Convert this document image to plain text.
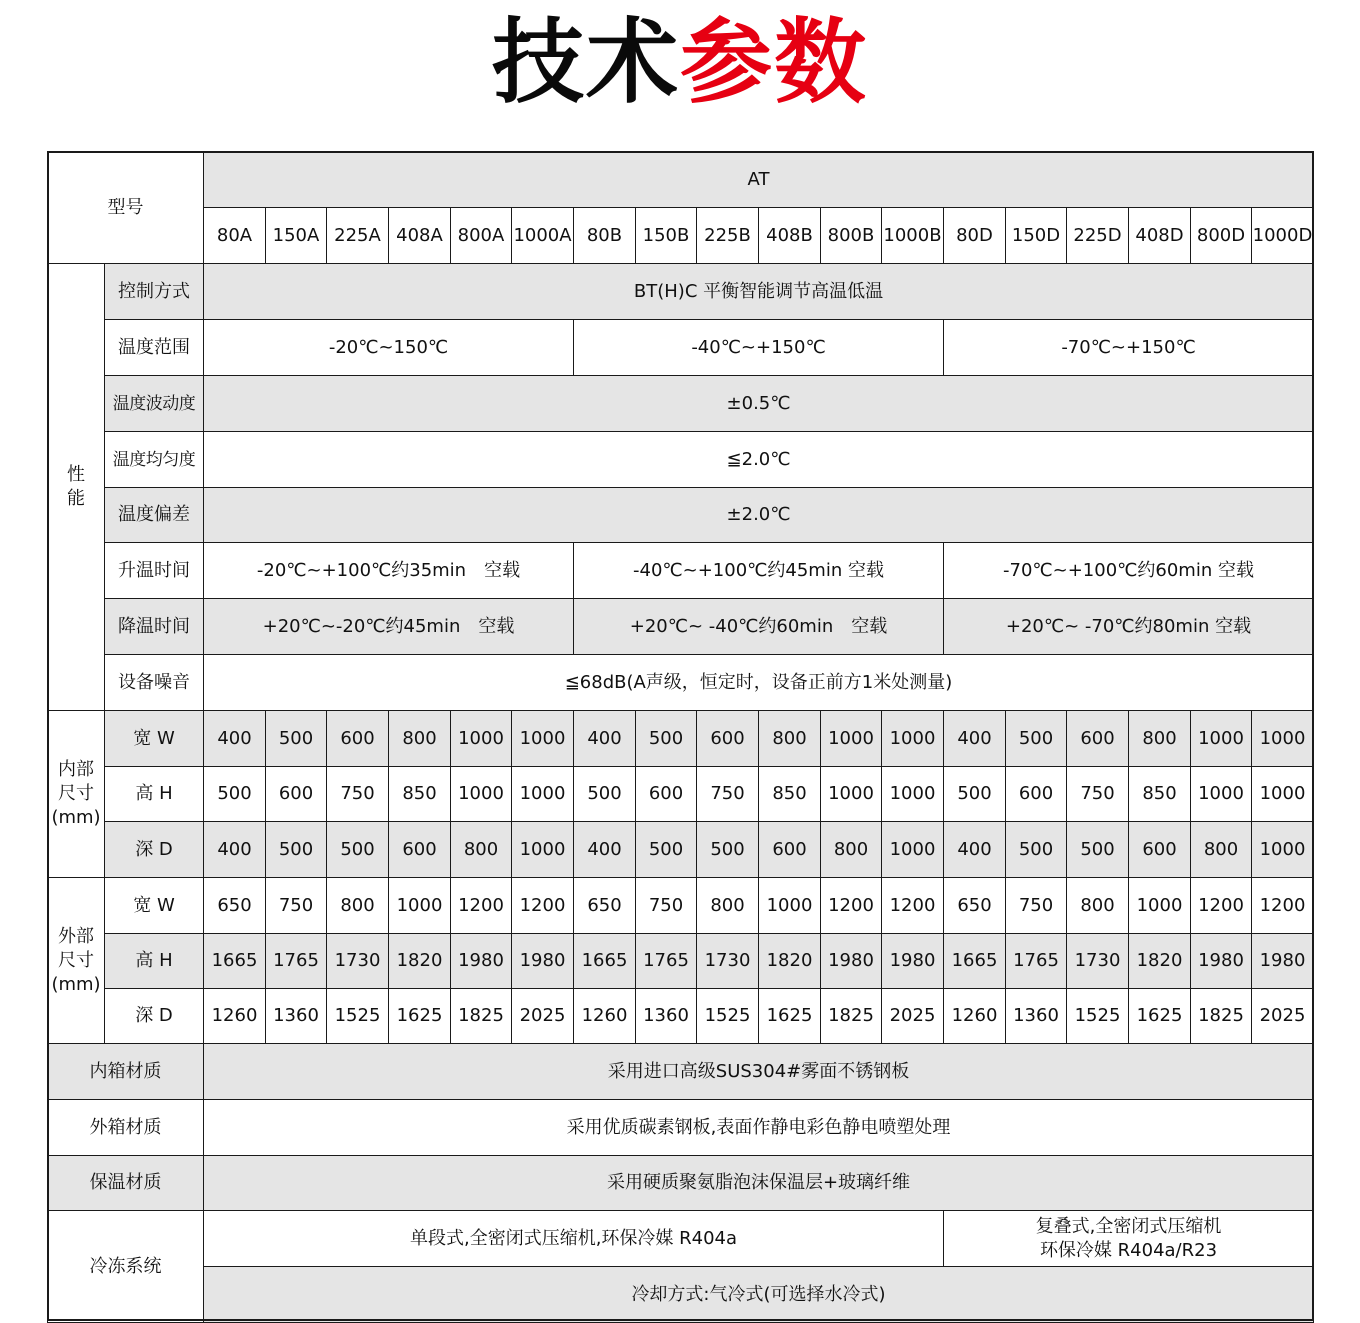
技术参数
型号
AT
80A	150A 225A 408A 800A 1000A 80B	150B 225B 408B 800B 1000B 80D	150D 225D 408D 800D 1000D
性
能
控制方式	BT(H)C 平衡智能调节高温低温
温度范围	-20℃~150℃	-40℃~+150℃	-70℃~+150℃
温度波动度	±0.5℃
温度均匀度	≦2.0℃
温度偏差	±2.0℃
升温时间	-20℃~+100℃约35min　空载	-40℃~+100℃约45min 空载	-70℃~+100℃约60min 空载
降温时间	+20℃~-20℃约45min　空载	+20℃~ -40℃约60min　空载	+20℃~ -70℃约80min 空载
设备噪音	≦68dB(A声级，恒定时，设备正前方1米处测量)
内部
尺寸
(mm)
宽 W	400	500	600	800	1000 1000	400	500	600	800	1000 1000	400	500	600	800	1000 1000
高 H	500	600	750	850	1000 1000	500	600	750	850	1000 1000	500	600	750	850	1000 1000
深 D	400	500	500	600	800	1000	400	500	500	600	800	1000	400	500	500	600	800	1000
外部
尺寸
(mm)
宽 W	650	750	800	1000 1200 1200	650	750	800	1000 1200 1200	650	750	800	1000 1200 1200
高 H	1665 1765 1730 1820 1980 1980 1665 1765 1730 1820 1980 1980 1665 1765 1730 1820 1980 1980
深 D	1260 1360 1525 1625 1825 2025 1260 1360 1525 1625 1825 2025 1260 1360 1525 1625 1825 2025
内箱材质	采用进口高级SUS304#雾面不锈钢板
外箱材质	采用优质碳素钢板,表面作静电彩色静电喷塑处理
保温材质	采用硬质聚氨脂泡沫保温层+玻璃纤维
冷冻系统
单段式,全密闭式压缩机,环保冷媒 R404a
复叠式,全密闭式压缩机
环保冷媒 R404a/R23
冷却方式:气冷式(可选择水冷式)
